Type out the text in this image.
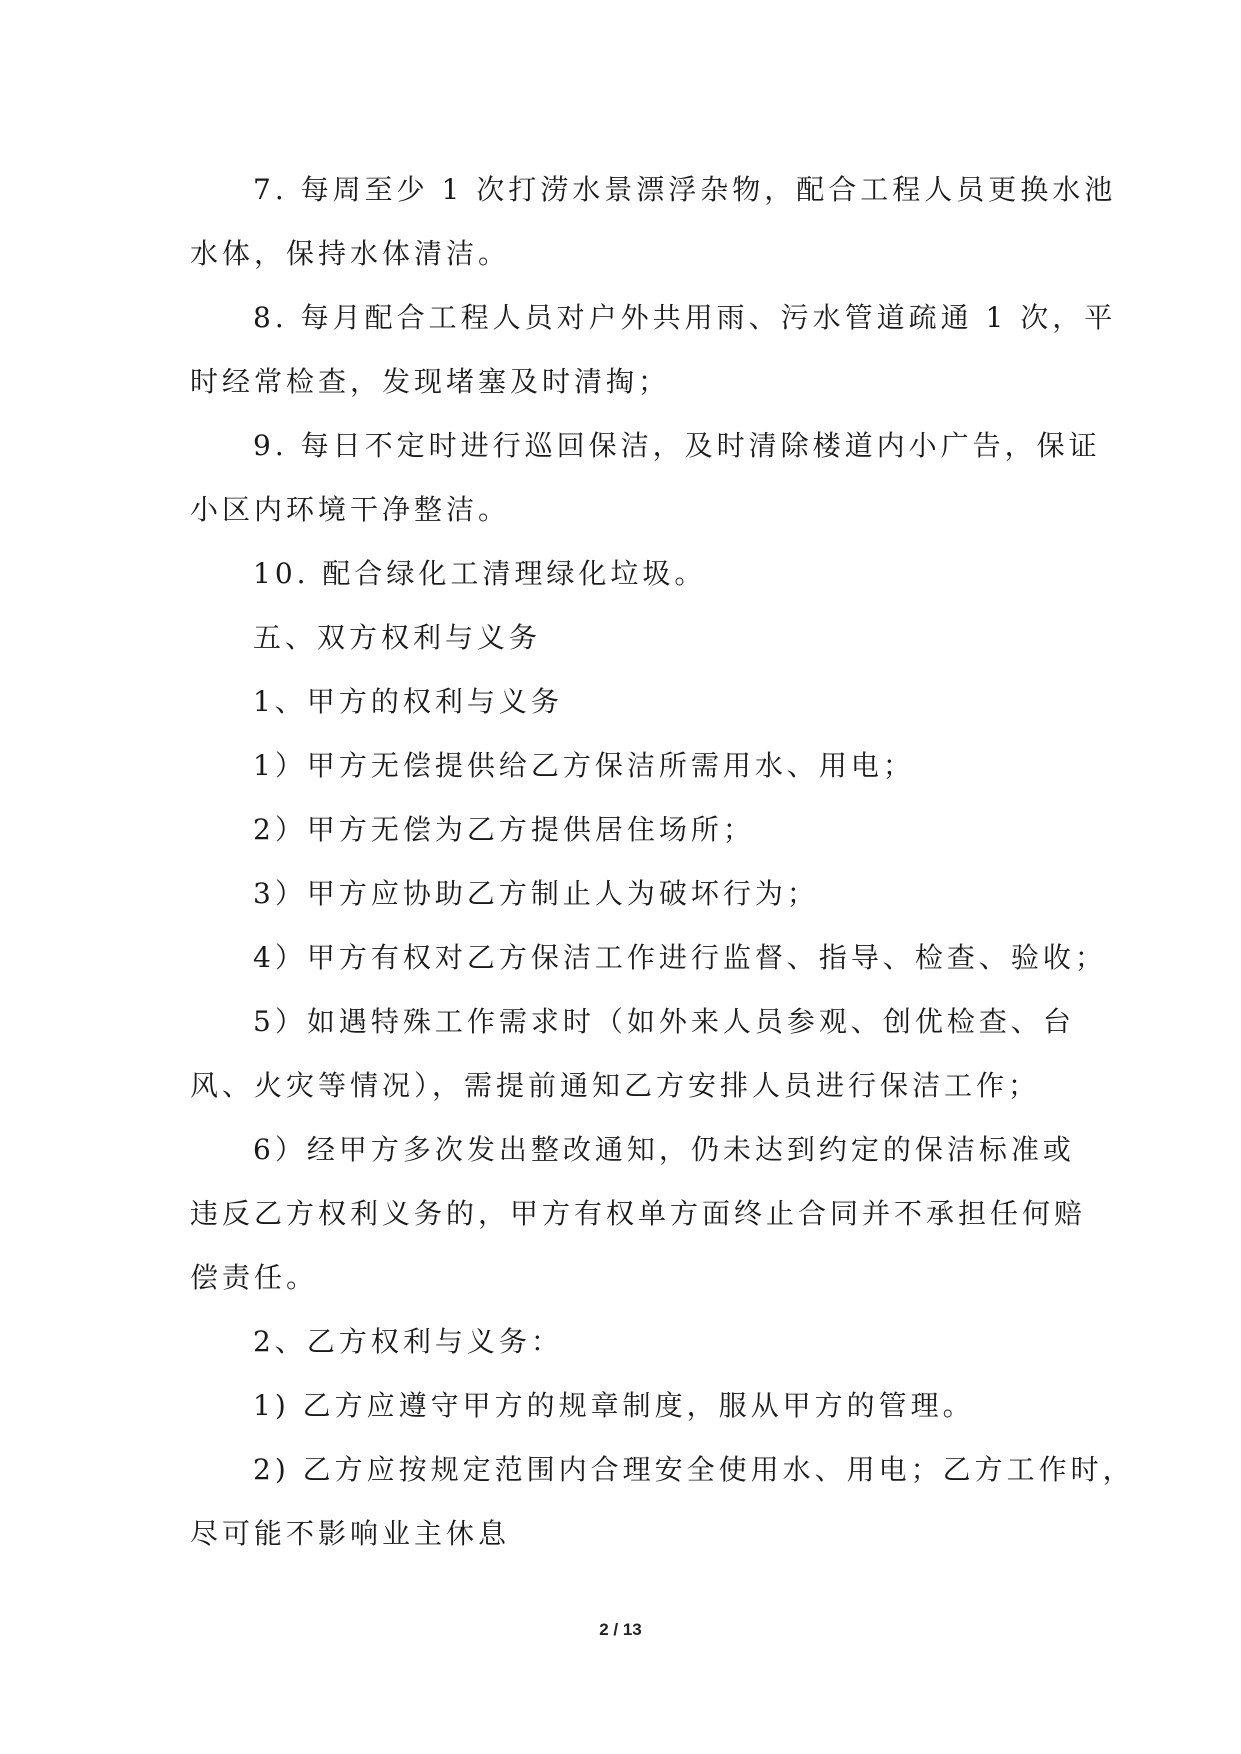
7. 每周至少 1 次打涝水景漂浮杂物，配合工程人员更换水池
水体，保持水体清洁。

8. 每月配合工程人员对户外共用雨、污水管道疏通 1 次，平
时经常检查，发现堵塞及时清掏；

9. 每日不定时进行巡回保洁，及时清除楼道内小广告，保证
小区内环境干净整洁。

10. 配合绿化工清理绿化垃圾。

五、双方权利与义务

1、甲方的权利与义务

1）甲方无偿提供给乙方保洁所需用水、用电；

2）甲方无偿为乙方提供居住场所；

3）甲方应协助乙方制止人为破坏行为；

4）甲方有权对乙方保洁工作进行监督、指导、检查、验收；

5）如遇特殊工作需求时（如外来人员参观、创优检查、台
风、火灾等情况），需提前通知乙方安排人员进行保洁工作；

6）经甲方多次发出整改通知，仍未达到约定的保洁标准或
违反乙方权利义务的，甲方有权单方面终止合同并不承担任何赔
偿责任。

2、乙方权利与义务：

1) 乙方应遵守甲方的规章制度，服从甲方的管理。

2) 乙方应按规定范围内合理安全使用水、用电；乙方工作时，
尽可能不影响业主休息

2 / 13
